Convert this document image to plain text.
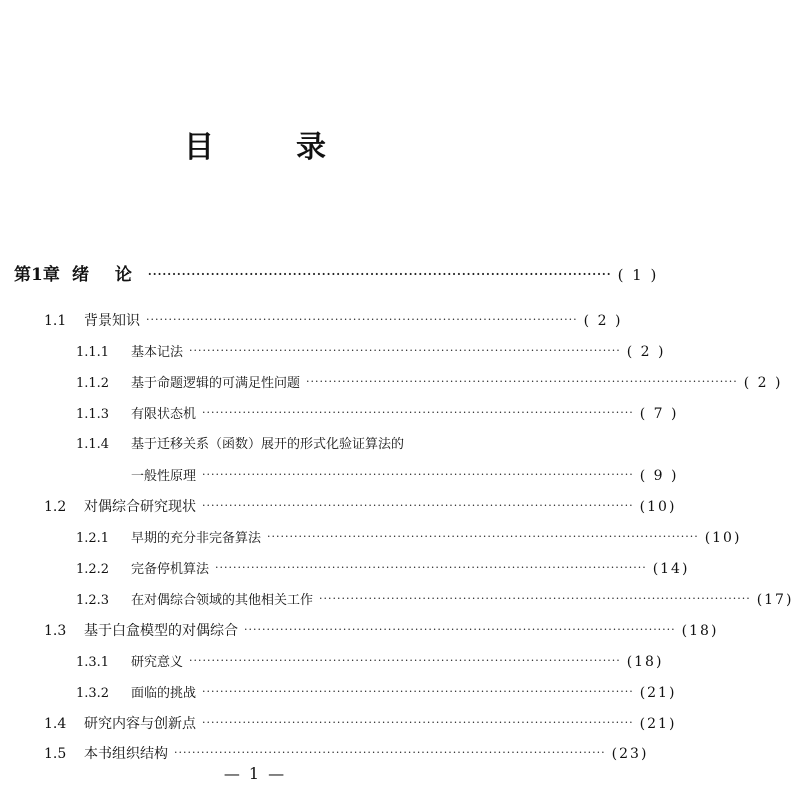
目　录
第1章 绪 论 ································································································ ( 1 )
1.1	背景知识 ································································································ ( 2 )
1.1.1	基本记法 ································································································ ( 2 )
1.1.2	基于命题逻辑的可满足性问题 ································································································ ( 2 )
1.1.3	有限状态机 ································································································ ( 7 )
1.1.4	基于迁移关系（函数）展开的形式化验证算法的
一般性原理 ································································································ ( 9 )
1.2	对偶综合研究现状 ································································································ (10)
1.2.1	早期的充分非完备算法 ································································································ (10)
1.2.2	完备停机算法 ································································································ (14)
1.2.3	在对偶综合领域的其他相关工作 ································································································ (17)
1.3	基于白盒模型的对偶综合 ································································································ (18)
1.3.1	研究意义 ································································································ (18)
1.3.2	面临的挑战 ································································································ (21)
1.4	研究内容与创新点 ································································································ (21)
1.5	本书组织结构 ································································································ (23)
— 1 —
